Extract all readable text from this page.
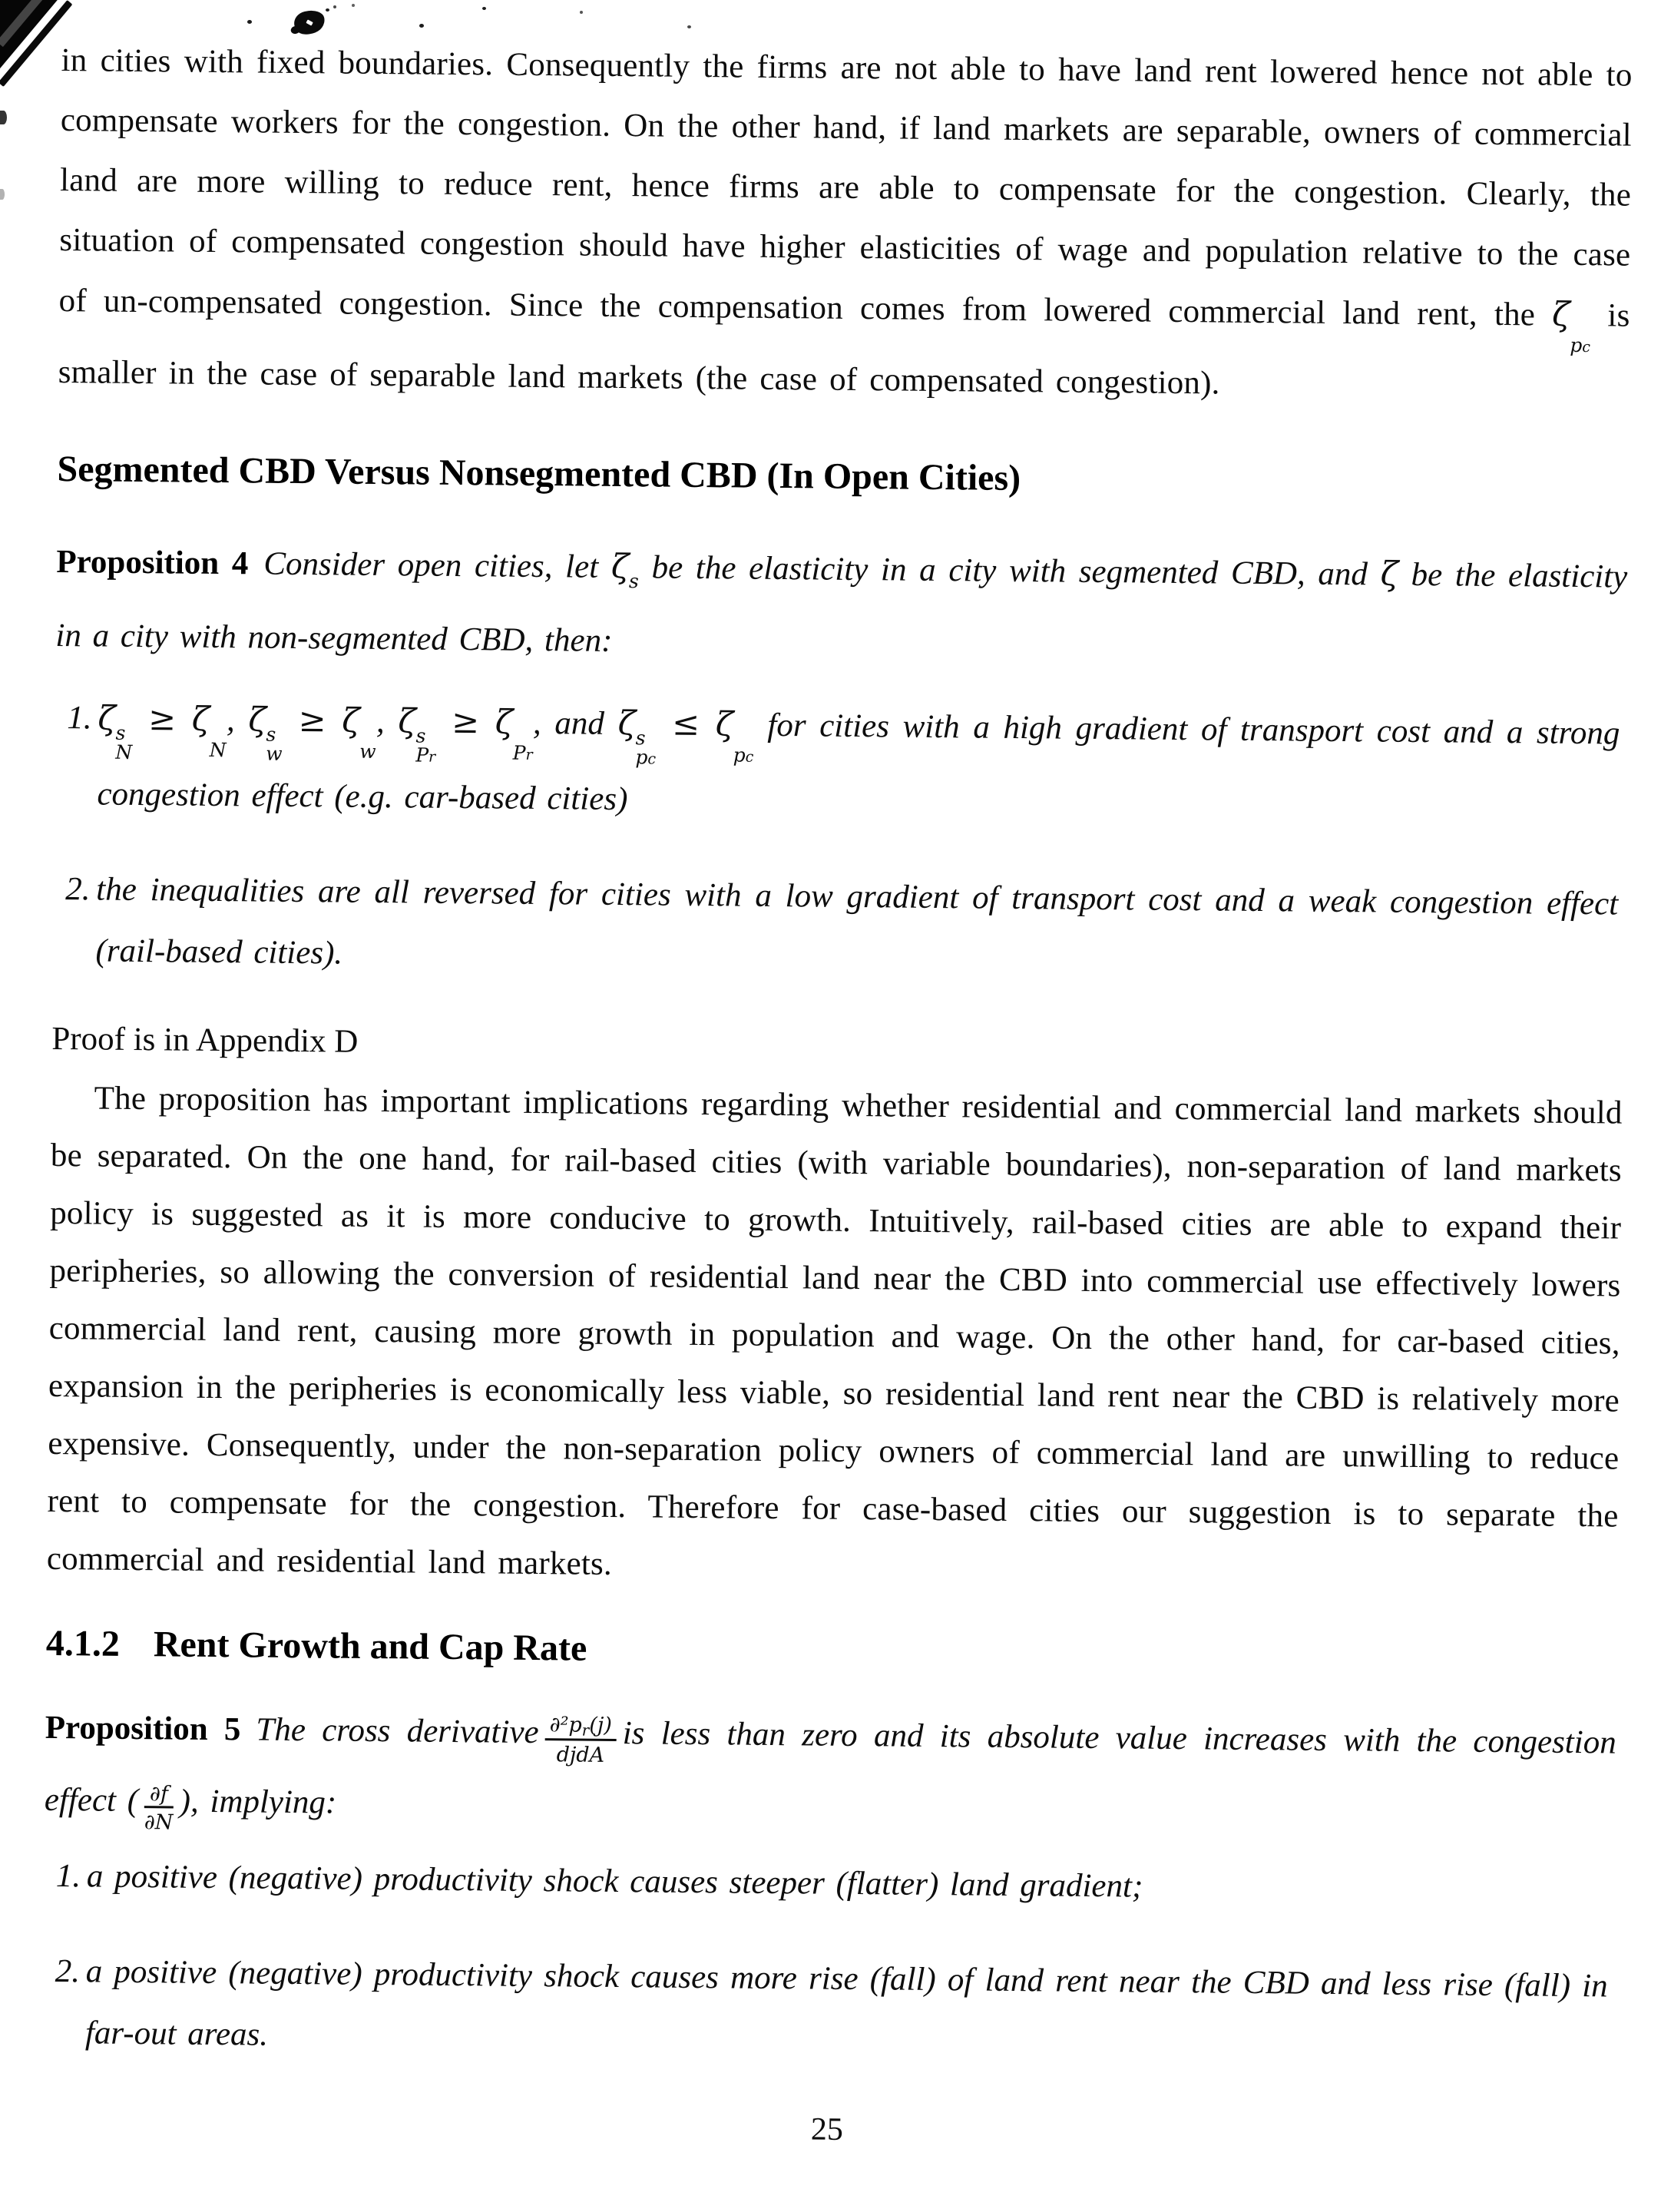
in cities with fixed boundaries. Consequently the firms are not able to have land rent lowered hence not able to compensate workers for the congestion. On the other hand, if land markets are separable, owners of commercial land are more willing to reduce rent, hence firms are able to compensate for the congestion. Clearly, the situation of compensated congestion should have higher elasticities of wage and population relative to the case of un-compensated congestion. Since the compensation comes from lowered commercial land rent, the ζ
pc
is smaller in the case of separable land markets (the case of compensated congestion).

Segmented CBD Versus Nonsegmented CBD (In Open Cities)

Proposition 4 Consider open cities, let ζ s be the elasticity in a city with segmented CBD, and ζ be the elasticity in a city with non-segmented CBD, then:

1. ζ s
N
≥ ζ
N
, ζ s
w
≥ ζ
w
, ζ s
Pr
≥ ζ
Pr
, and ζ s
pc
≤ ζ
pc
for cities with a high gradient of transport cost and a strong congestion effect (e.g. car-based cities)
2. the inequalities are all reversed for cities with a low gradient of transport cost and a weak congestion effect (rail-based cities).

Proof is in Appendix D

The proposition has important implications regarding whether residential and commercial land markets should be separated. On the one hand, for rail-based cities (with variable boundaries), non-separation of land markets policy is suggested as it is more conducive to growth. Intuitively, rail-based cities are able to expand their peripheries, so allowing the conversion of residential land near the CBD into commercial use effectively lowers commercial land rent, causing more growth in population and wage. On the other hand, for car-based cities, expansion in the peripheries is economically less viable, so residential land rent near the CBD is relatively more expensive. Consequently, under the non-separation policy owners of commercial land are unwilling to reduce rent to compensate for the congestion. Therefore for case-based cities our suggestion is to separate the commercial and residential land markets.

4.1.2 Rent Growth and Cap Rate

Proposition 5 The cross derivative $\frac{\text{∂²p r (j)}}{\text{djdA}}$ is less than zero and its absolute value increases with the congestion effect ( $\frac{\partial f}{\partial N}$ ), implying:

1. a positive (negative) productivity shock causes steeper (flatter) land gradient;
2. a positive (negative) productivity shock causes more rise (fall) of land rent near the CBD and less rise (fall) in far-out areas.
25
